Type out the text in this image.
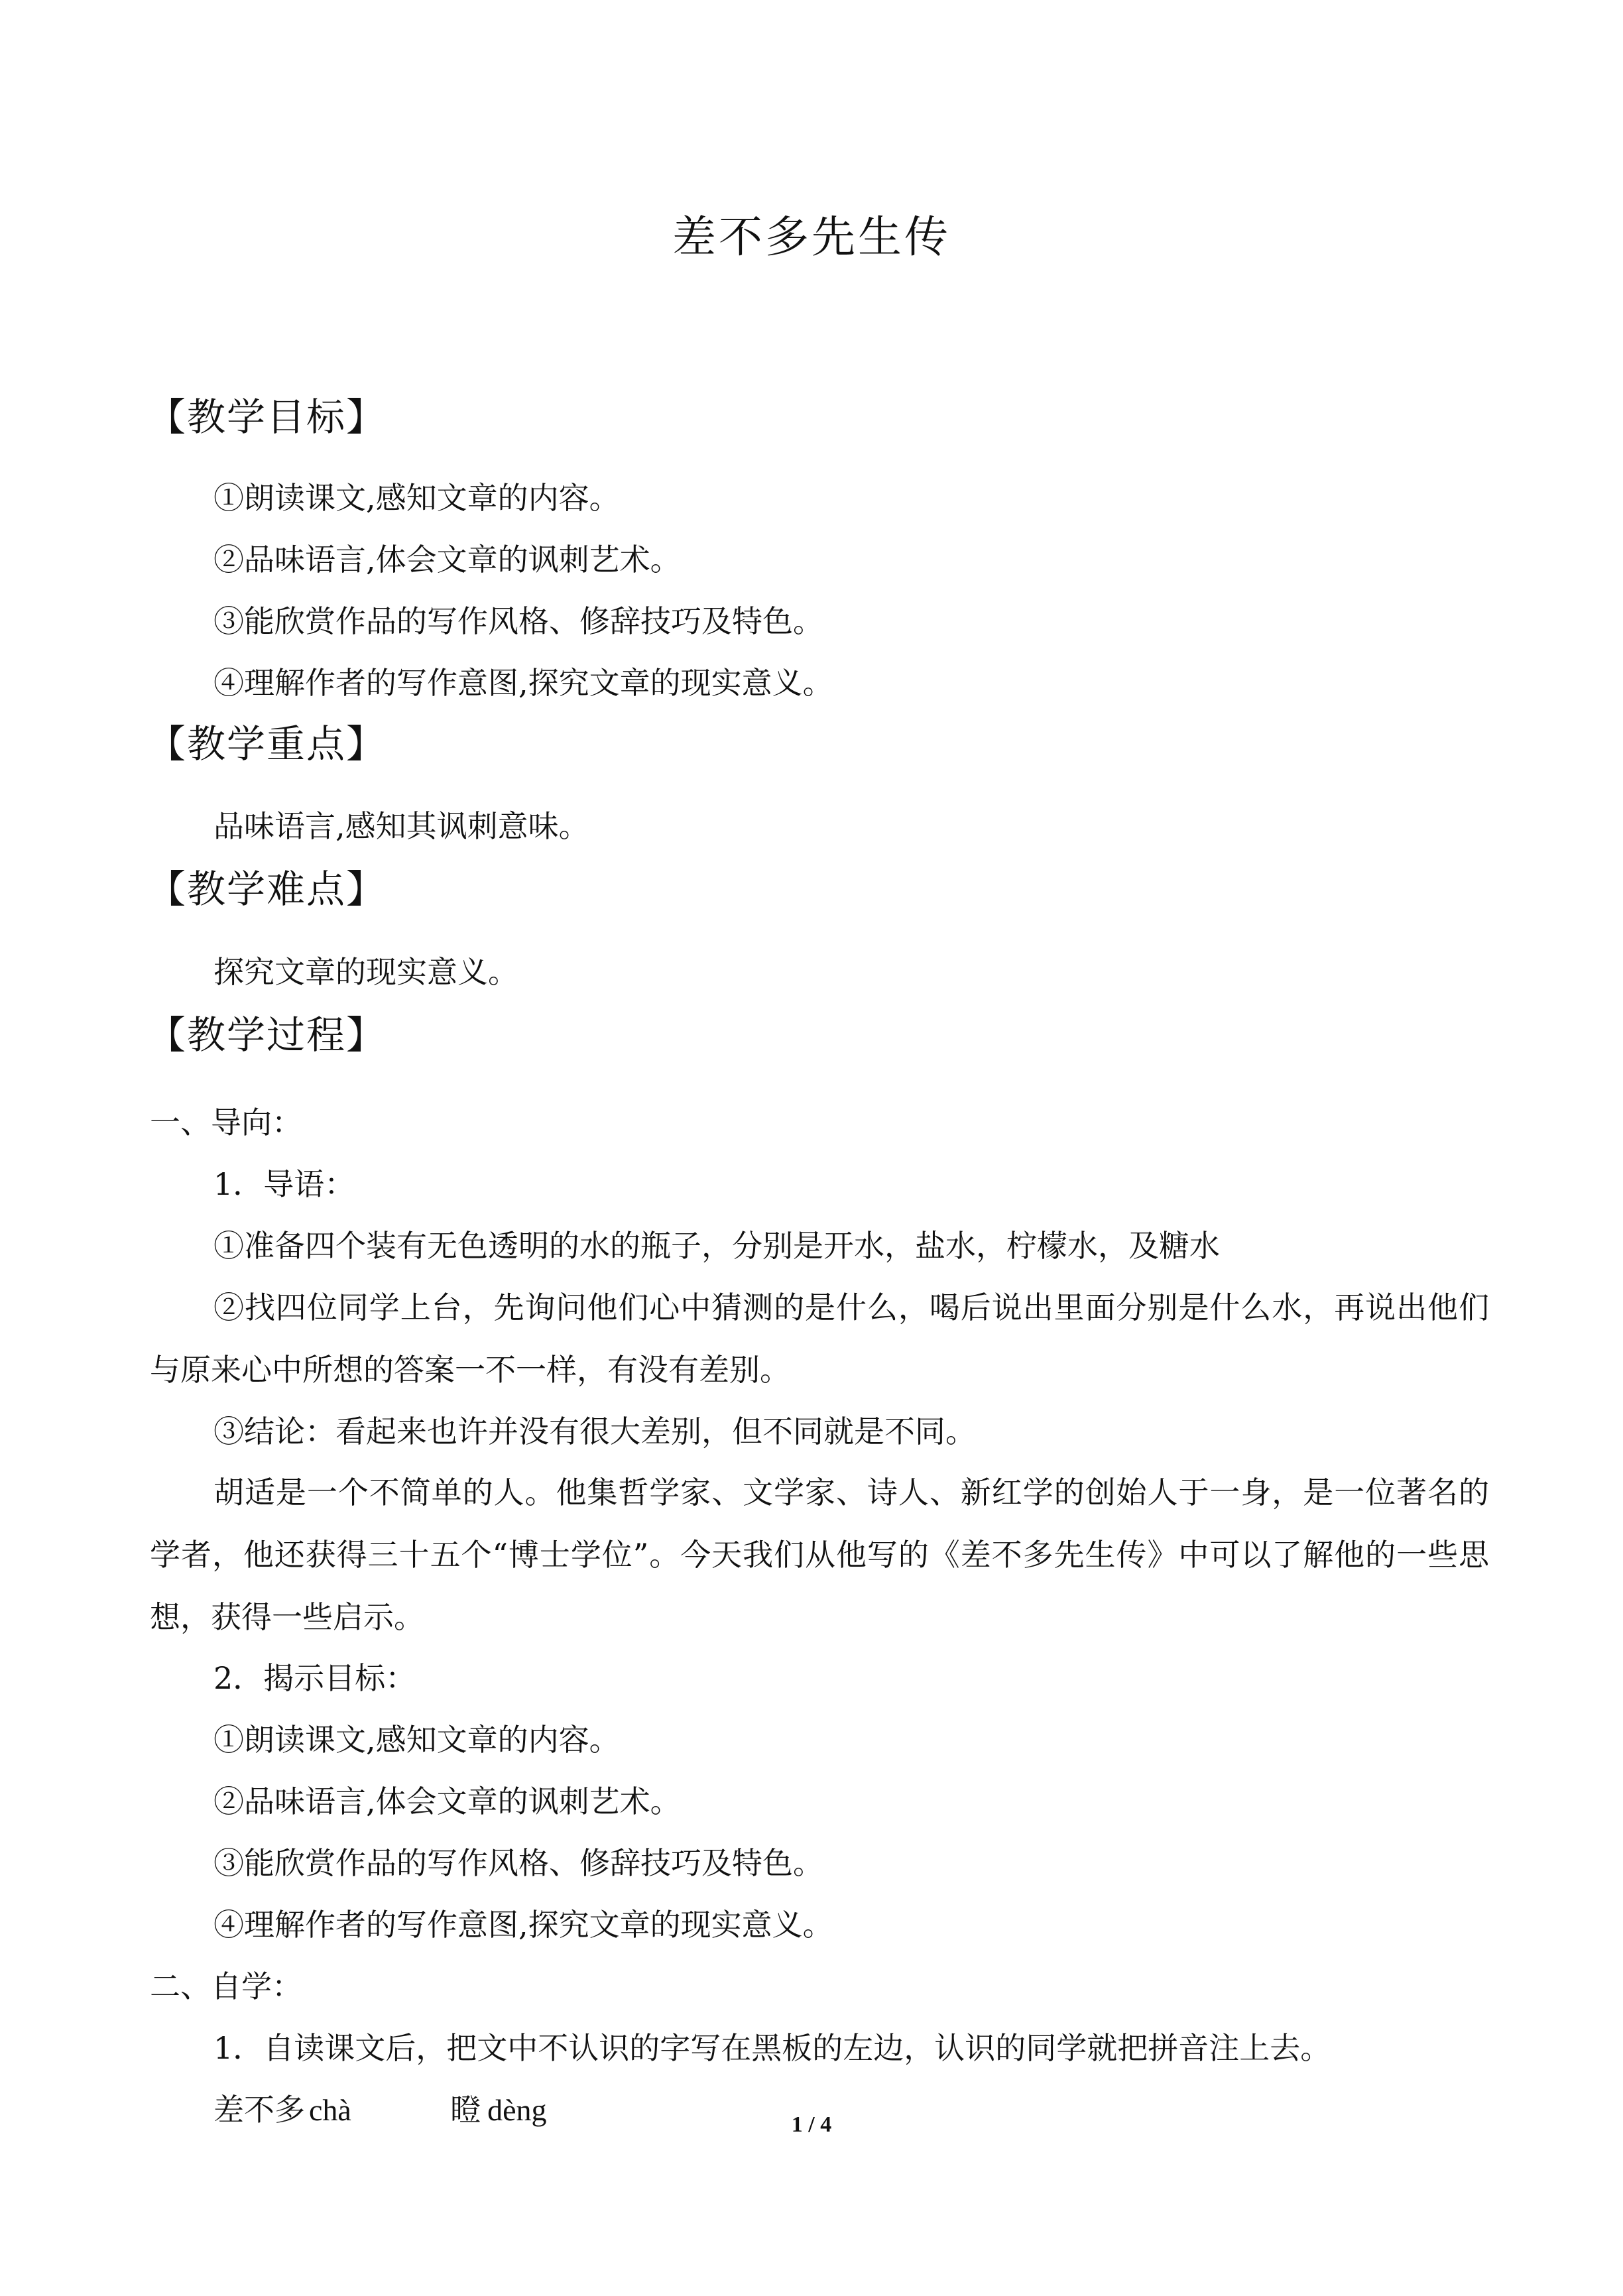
差不多先生传
【教学目标】
①朗读课文,感知文章的内容。
②品味语言,体会文章的讽刺艺术。
③能欣赏作品的写作风格、修辞技巧及特色。
④理解作者的写作意图,探究文章的现实意义。
【教学重点】
品味语言,感知其讽刺意味。
【教学难点】
探究文章的现实意义。
【教学过程】
一、导向：
1．导语：
①准备四个装有无色透明的水的瓶子，分别是开水，盐水，柠檬水，及糖水
②找四位同学上台，先询问他们心中猜测的是什么，喝后说出里面分别是什么水，再说出他们与原来心中所想的答案一不一样，有没有差别。
③结论：看起来也许并没有很大差别，但不同就是不同。
胡适是一个不简单的人。他集哲学家、文学家、诗人、新红学的创始人于一身，是一位著名的学者，他还获得三十五个“博士学位”。今天我们从他写的《差不多先生传》中可以了解他的一些思想，获得一些启示。
2．揭示目标：
①朗读课文,感知文章的内容。
②品味语言,体会文章的讽刺艺术。
③能欣赏作品的写作风格、修辞技巧及特色。
④理解作者的写作意图,探究文章的现实意义。
二、自学：
1．自读课文后，把文中不认识的字写在黑板的左边，认识的同学就把拼音注上去。
差不多 chà	瞪 dèng	1 / 4
